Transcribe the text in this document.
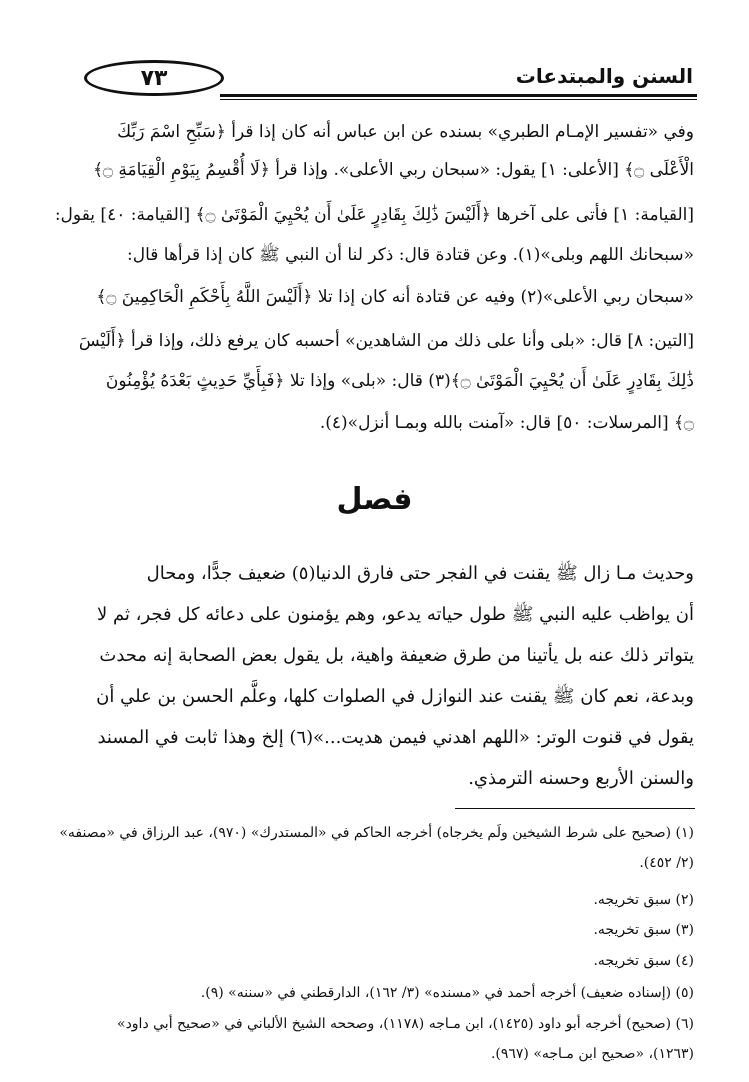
٧٣	السنن والمبتدعات
وفي «تفسير الإمـام الطبري» بسنده عن ابن عباس أنه كان إذا قرأ ﴿سَبِّحِ اسْمَ رَبِّكَ
الْأَعْلَى ۝﴾ [الأعلى: ١] يقول: «سبحان ربي الأعلى». وإذا قرأ ﴿لَا أُقْسِمُ بِيَوْمِ الْقِيَامَةِ ۝﴾
[القيامة: ١] فأتى على آخرها ﴿أَلَيْسَ ذَٰلِكَ بِقَادِرٍ عَلَىٰ أَن يُحْيِيَ الْمَوْتَىٰ ۝﴾ [القيامة: ٤٠] يقول:
«سبحانك اللهم وبلى»(١). وعن قتادة قال: ذكر لنا أن النبي ﷺ كان إذا قرأها قال:
«سبحان ربي الأعلى»(٢) وفيه عن قتادة أنه كان إذا تلا ﴿أَلَيْسَ اللَّهُ بِأَحْكَمِ الْحَاكِمِينَ ۝﴾
[التين: ٨] قال: «بلى وأنا على ذلك من الشاهدين» أحسبه كان يرفع ذلك، وإذا قرأ ﴿أَلَيْسَ
ذَٰلِكَ بِقَادِرٍ عَلَىٰ أَن يُحْيِيَ الْمَوْتَىٰ ۝﴾(٣) قال: «بلى» وإذا تلا ﴿فَبِأَيِّ حَدِيثٍ بَعْدَهُ يُؤْمِنُونَ
۝﴾ [المرسلات: ٥٠] قال: «آمنت بالله وبمـا أنزل»(٤).
فصل
وحديث مـا زال ﷺ يقنت في الفجر حتى فارق الدنيا(٥) ضعيف جدًّا، ومحال
أن يواظب عليه النبي ﷺ طول حياته يدعو، وهم يؤمنون على دعائه كل فجر، ثم لا
يتواتر ذلك عنه بل يأتينا من طرق ضعيفة واهية، بل يقول بعض الصحابة إنه محدث
وبدعة، نعم كان ﷺ يقنت عند النوازل في الصلوات كلها، وعلَّم الحسن بن علي أن
يقول في قنوت الوتر: «اللهم اهدني فيمن هديت...»(٦) إلخ وهذا ثابت في المسند
والسنن الأربع وحسنه الترمذي.
(١) (صحيح على شرط الشيخين ولَم يخرجاه) أخرجه الحاكم في «المستدرك» (٩٧٠)، عبد الرزاق في «مصنفه»
(٢/ ٤٥٢).
(٢) سبق تخريجه.
(٣) سبق تخريجه.
(٤) سبق تخريجه.
(٥) (إسناده ضعيف) أخرجه أحمد في «مسنده» (٣/ ١٦٢)، الدارقطني في «سننه» (٩).
(٦) (صحيح) أخرجه أبو داود (١٤٢٥)، ابن مـاجه (١١٧٨)، وصححه الشيخ الألباني في «صحيح أبي داود»
(١٢٦٣)، «صحيح ابن مـاجه» (٩٦٧).
